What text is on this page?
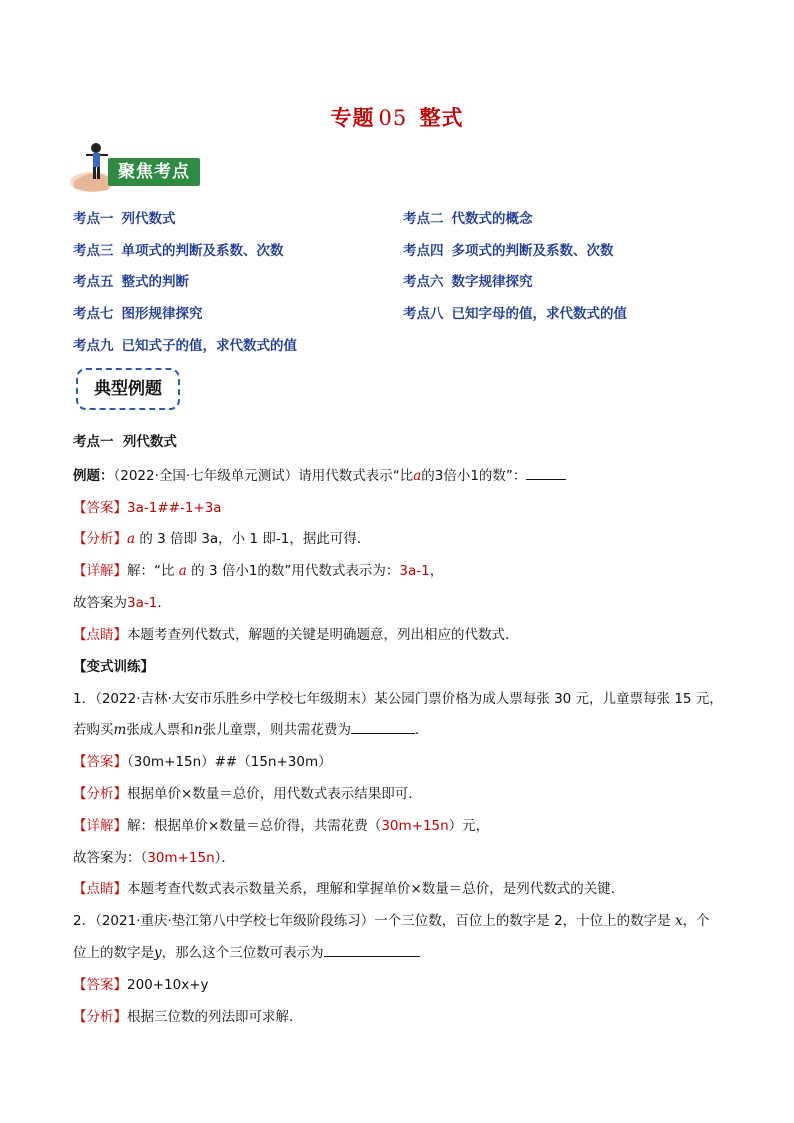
专题 05 整式
聚焦考点
考点一 列代数式	考点二 代数式的概念
考点三 单项式的判断及系数、次数	考点四 多项式的判断及系数、次数
考点五 整式的判断	考点六 数字规律探究
考点七 图形规律探究	考点八 已知字母的值，求代数式的值
考点九 已知式子的值，求代数式的值
典型例题
考点一 列代数式
例题：（2022·全国·七年级单元测试）请用代数式表示“比a的3倍小1的数”：
【答案】3a-1##-1+3a
【分析】a 的 3 倍即 3a，小 1 即-1，据此可得．
【详解】解：“比 a 的 3 倍小1的数”用代数式表示为：3a-1，
故答案为3a-1．
【点睛】本题考查列代数式，解题的关键是明确题意，列出相应的代数式．
【变式训练】
1．（2022·吉林·大安市乐胜乡中学校七年级期末）某公园门票价格为成人票每张 30 元，儿童票每张 15 元，
若购买m张成人票和n张儿童票，则共需花费为	．
【答案】（30m+15n）##（15n+30m）
【分析】根据单价×数量＝总价，用代数式表示结果即可．
【详解】解：根据单价×数量＝总价得，共需花费（30m+15n）元，
故答案为：（30m+15n）．
【点睛】本题考查代数式表示数量关系，理解和掌握单价×数量＝总价，是列代数式的关键．
2．（2021·重庆·垫江第八中学校七年级阶段练习）一个三位数，百位上的数字是 2，十位上的数字是 x，个
位上的数字是y，那么这个三位数可表示为
【答案】200+10x+y
【分析】根据三位数的列法即可求解．
